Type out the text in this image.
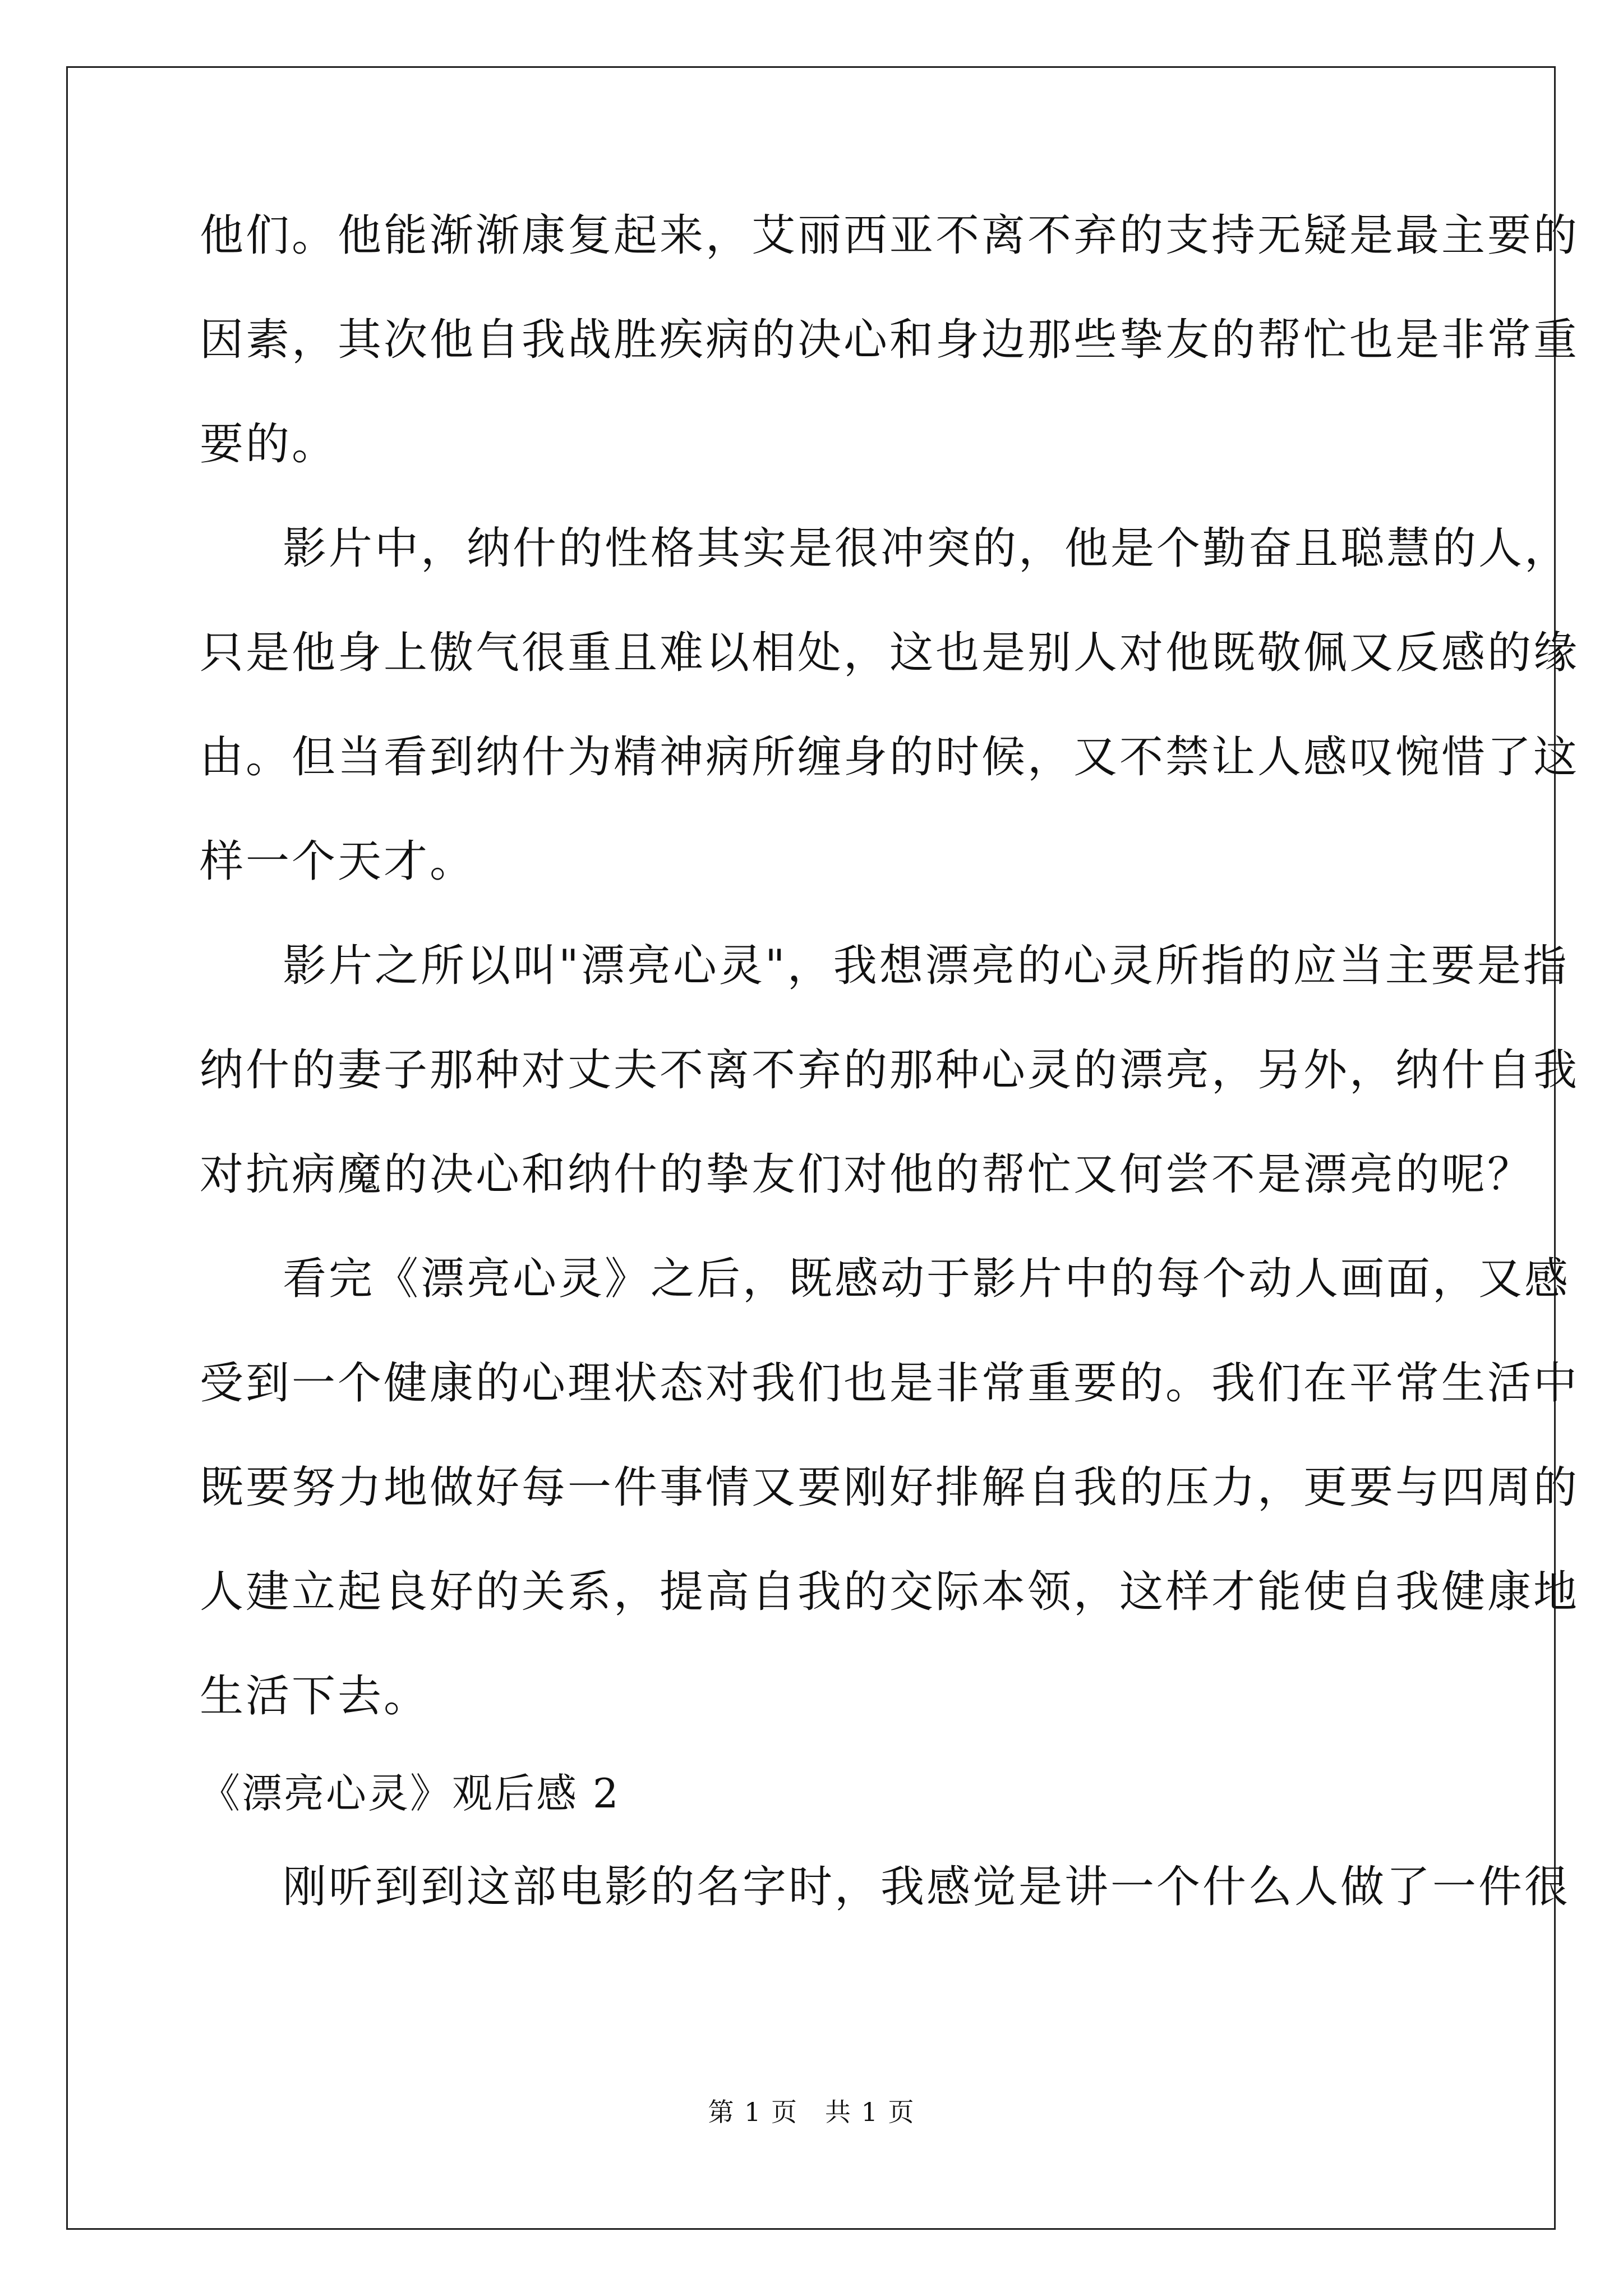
他们。他能渐渐康复起来，艾丽西亚不离不弃的支持无疑是最主要的
因素，其次他自我战胜疾病的决心和身边那些挚友的帮忙也是非常重
要的。
影片中，纳什的性格其实是很冲突的，他是个勤奋且聪慧的人，
只是他身上傲气很重且难以相处，这也是别人对他既敬佩又反感的缘
由。但当看到纳什为精神病所缠身的时候，又不禁让人感叹惋惜了这
样一个天才。
影片之所以叫"漂亮心灵"，我想漂亮的心灵所指的应当主要是指
纳什的妻子那种对丈夫不离不弃的那种心灵的漂亮，另外，纳什自我
对抗病魔的决心和纳什的挚友们对他的帮忙又何尝不是漂亮的呢？
看完《漂亮心灵》之后，既感动于影片中的每个动人画面，又感
受到一个健康的心理状态对我们也是非常重要的。我们在平常生活中
既要努力地做好每一件事情又要刚好排解自我的压力，更要与四周的
人建立起良好的关系，提高自我的交际本领，这样才能使自我健康地
生活下去。
《漂亮心灵》观后感 2
刚听到到这部电影的名字时，我感觉是讲一个什么人做了一件很
第 1 页　共 1 页
